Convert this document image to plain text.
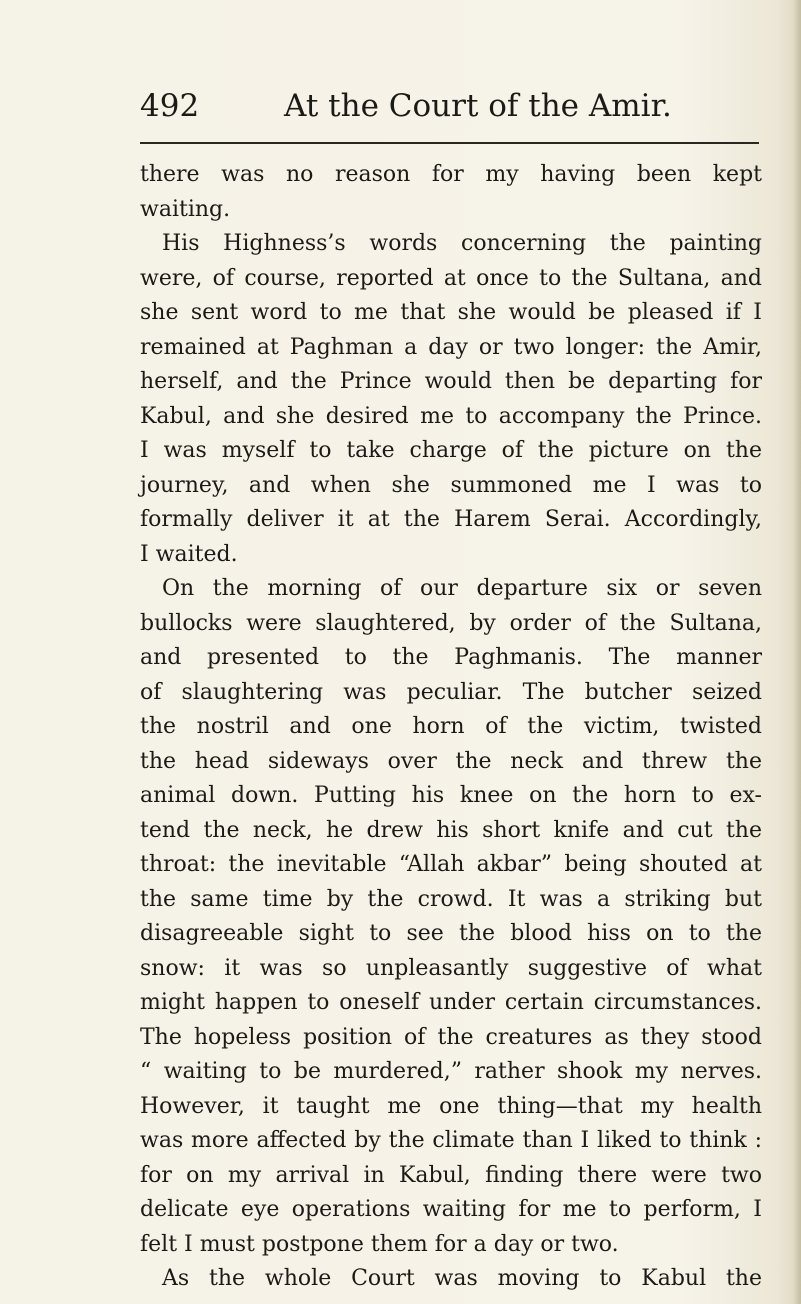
492	At the Court of the Amir.
there was no reason for my having been kept
waiting.
His Highness’s words concerning the painting
were, of course, reported at once to the Sultana, and
she sent word to me that she would be pleased if I
remained at Paghman a day or two longer: the Amir,
herself, and the Prince would then be departing for
Kabul, and she desired me to accompany the Prince.
I was myself to take charge of the picture on the
journey, and when she summoned me I was to
formally deliver it at the Harem Serai. Accordingly,
I waited.
On the morning of our departure six or seven
bullocks were slaughtered, by order of the Sultana,
and presented to the Paghmanis. The manner
of slaughtering was peculiar. The butcher seized
the nostril and one horn of the victim, twisted
the head sideways over the neck and threw the
animal down. Putting his knee on the horn to ex-
tend the neck, he drew his short knife and cut the
throat: the inevitable “Allah akbar” being shouted at
the same time by the crowd. It was a striking but
disagreeable sight to see the blood hiss on to the
snow: it was so unpleasantly suggestive of what
might happen to oneself under certain circumstances.
The hopeless position of the creatures as they stood
“ waiting to be murdered,” rather shook my nerves.
However, it taught me one thing—that my health
was more affected by the climate than I liked to think :
for on my arrival in Kabul, finding there were two
delicate eye operations waiting for me to perform, I
felt I must postpone them for a day or two.
As the whole Court was moving to Kabul the
